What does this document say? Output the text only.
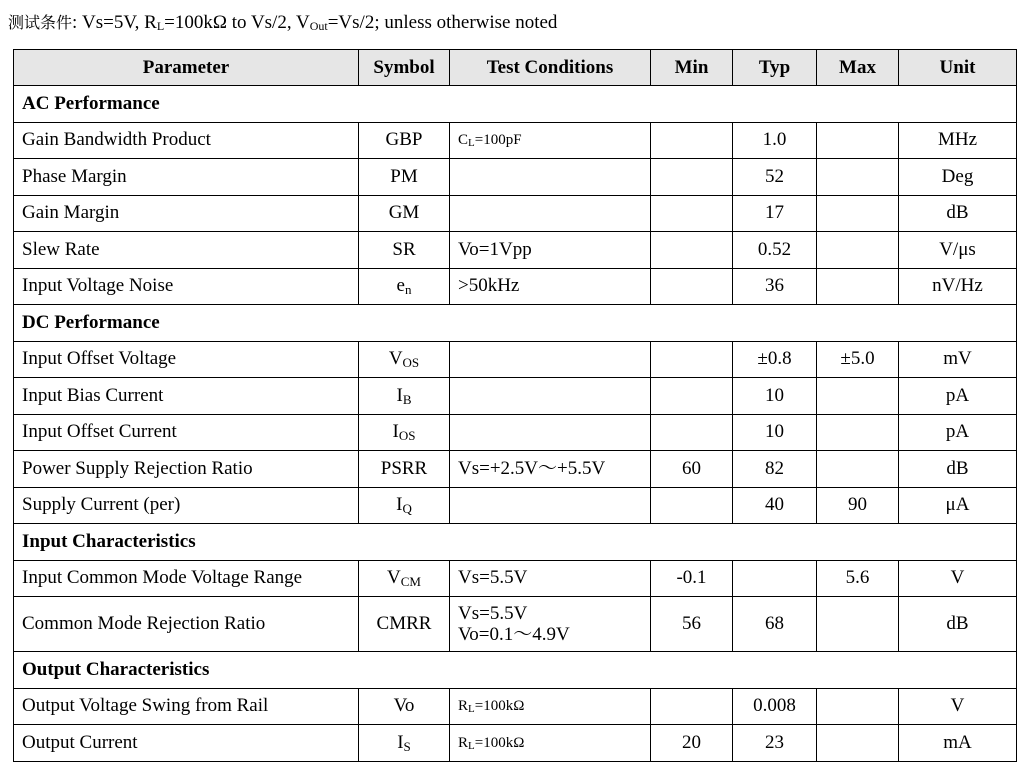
测试条件: Vs=5V, $R_L=100k\Omega$ to Vs/2, $V_{Out}=Vs/2$; unless otherwise noted
Parameter	Symbol	Test Conditions	Min	Typ	Max	Unit
AC Performance						
Gain Bandwidth Product	GBP	$C_L=100pF$		1.0		MHz
Phase Margin	PM			52		Deg
Gain Margin	GM			17		dB
Slew Rate	SR	Vo=1Vpp		0.52		V/μs
Input Voltage Noise	$e_n$	>50kHz		36		nV/Hz
DC Performance						
Input Offset Voltage	$V_{OS}$			±0.8	±5.0	mV
Input Bias Current	$I_B$			10		pA
Input Offset Current	$I_{OS}$			10		pA
Power Supply Rejection Ratio	PSRR	Vs=+2.5V～+5.5V	60	82		dB
Supply Current (per)	$I_Q$			40	90	μA
Input Characteristics						
Input Common Mode Voltage Range	$V_{CM}$	Vs=5.5V	-0.1		5.6	V
Common Mode Rejection Ratio	CMRR	Vs=5.5V
Vo=0.1～4.9V	56	68		dB
Output Characteristics						
Output Voltage Swing from Rail	Vo	$R_L=100k\Omega$		0.008		V
Output Current	$I_S$	$R_L=100k\Omega$	20	23		mA
